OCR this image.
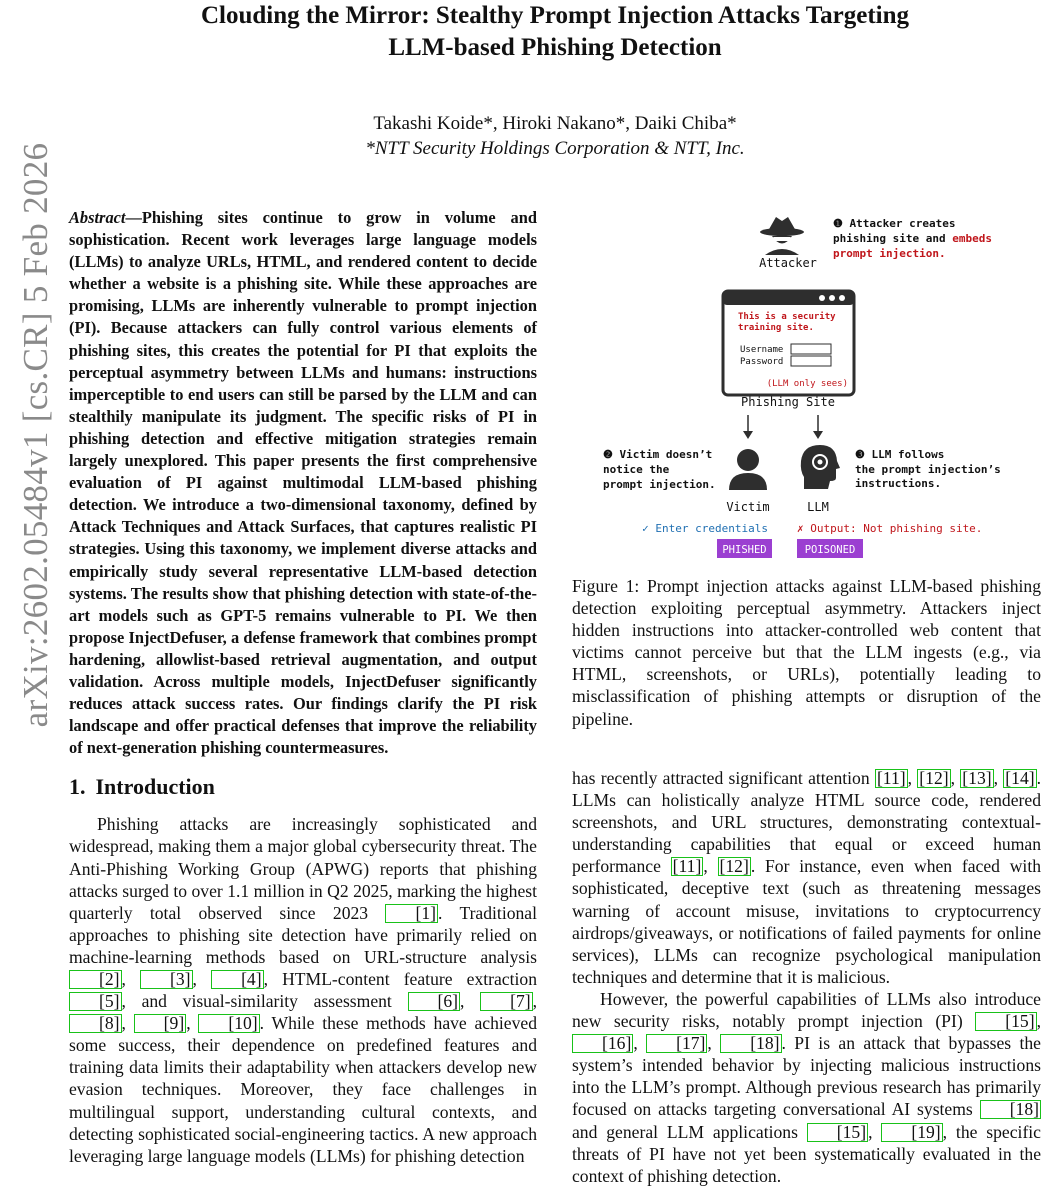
arXiv:2602.05484v1 [cs.CR] 5 Feb 2026
Clouding the Mirror: Stealthy Prompt Injection Attacks Targeting
LLM-based Phishing Detection
Takashi Koide*, Hiroki Nakano*, Daiki Chiba*
*NTT Security Holdings Corporation & NTT, Inc.
Abstract—Phishing sites continue to grow in volume and sophistication. Recent work leverages large language models (LLMs) to analyze URLs, HTML, and rendered content to decide whether a website is a phishing site. While these approaches are promising, LLMs are inherently vulnerable to prompt injection (PI). Because attackers can fully control various elements of phishing sites, this creates the potential for PI that exploits the perceptual asymmetry between LLMs and humans: instructions imperceptible to end users can still be parsed by the LLM and can stealthily manipulate its judgment. The specific risks of PI in phishing detection and effective mitigation strategies remain largely unexplored. This paper presents the first comprehensive evaluation of PI against multimodal LLM-based phishing detection. We introduce a two-dimensional taxonomy, defined by Attack Techniques and Attack Surfaces, that captures realistic PI strategies. Using this taxonomy, we implement diverse attacks and empirically study several representative LLM-based detection systems. The results show that phishing detection with state-of-the-art models such as GPT-5 remains vulnerable to PI. We then propose InjectDefuser, a defense framework that combines prompt hardening, allowlist-based retrieval augmentation, and output validation. Across multiple models, InjectDefuser significantly reduces attack success rates. Our findings clarify the PI risk landscape and offer practical defenses that improve the reliability of next-generation phishing countermeasures.
1. Introduction

Phishing attacks are increasingly sophisticated and widespread, making them a major global cybersecurity threat. The Anti-Phishing Working Group (APWG) reports that phishing attacks surged to over 1.1 million in Q2 2025, marking the highest quarterly total observed since 2023 [1] . Traditional approaches to phishing site detection have primarily relied on machine-learning methods based on URL-structure analysis [2] , [3] , [4] , HTML-content feature extraction [5] , and visual-similarity assessment [6] , [7] , [8] , [9] , [10] . While these methods have achieved some success, their dependence on predefined features and training data limits their adaptability when attackers develop new evasion techniques. Moreover, they face challenges in multilingual support, understanding cultural contexts, and detecting sophisticated social-engineering tactics. A new approach leveraging large language models (LLMs) for phishing detection

Attacker
❶ Attacker creates
phishing site and embeds
prompt injection.
This is a security
training site.
Username
Password
(LLM only sees)
Phishing Site
❷ Victim doesn’t
notice the
prompt injection.
Victim	LLM
❸ LLM follows
the prompt injection’s
instructions.
✓ Enter credentials	✗ Output: Not phishing site.
PHISHED	POISONED
Figure 1: Prompt injection attacks against LLM-based phishing detection exploiting perceptual asymmetry. Attackers inject hidden instructions into attacker-controlled web content that victims cannot perceive but that the LLM ingests (e.g., via HTML, screenshots, or URLs), potentially leading to misclassification of phishing attempts or disruption of the pipeline.

has recently attracted significant attention [11] , [12] , [13] , [14] . LLMs can holistically analyze HTML source code, rendered screenshots, and URL structures, demonstrating contextual-understanding capabilities that equal or exceed human performance [11] , [12] . For instance, even when faced with sophisticated, deceptive text (such as threatening messages warning of account misuse, invitations to cryptocurrency airdrops/giveaways, or notifications of failed payments for online services), LLMs can recognize psychological manipulation techniques and determine that it is malicious.

However, the powerful capabilities of LLMs also introduce new security risks, notably prompt injection (PI) [15] , [16] , [17] , [18] . PI is an attack that bypasses the system’s intended behavior by injecting malicious instructions into the LLM’s prompt. Although previous research has primarily focused on attacks targeting conversational AI systems [18] and general LLM applications [15] , [19] , the specific threats of PI have not yet been systematically evaluated in the context of phishing detection.
